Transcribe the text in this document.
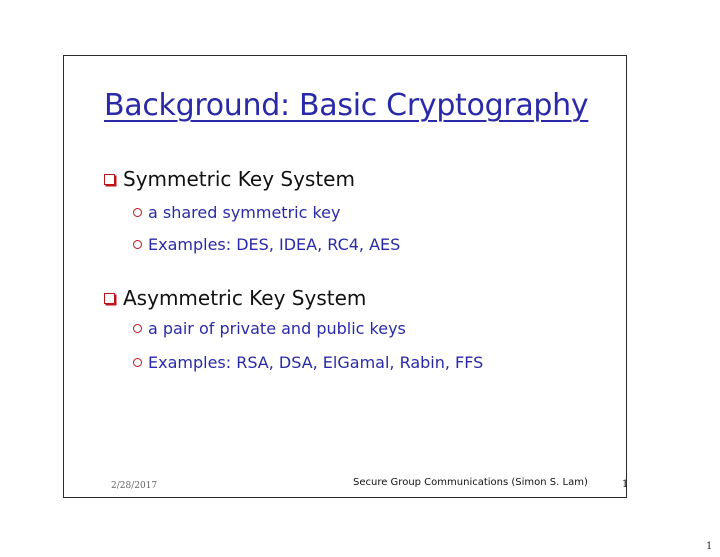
Background: Basic Cryptography
Symmetric Key System
a shared symmetric key
Examples: DES, IDEA, RC4, AES
Asymmetric Key System
a pair of private and public keys
Examples: RSA, DSA, ElGamal, Rabin, FFS
2/28/2017	Secure Group Communications (Simon S. Lam)	1
1
